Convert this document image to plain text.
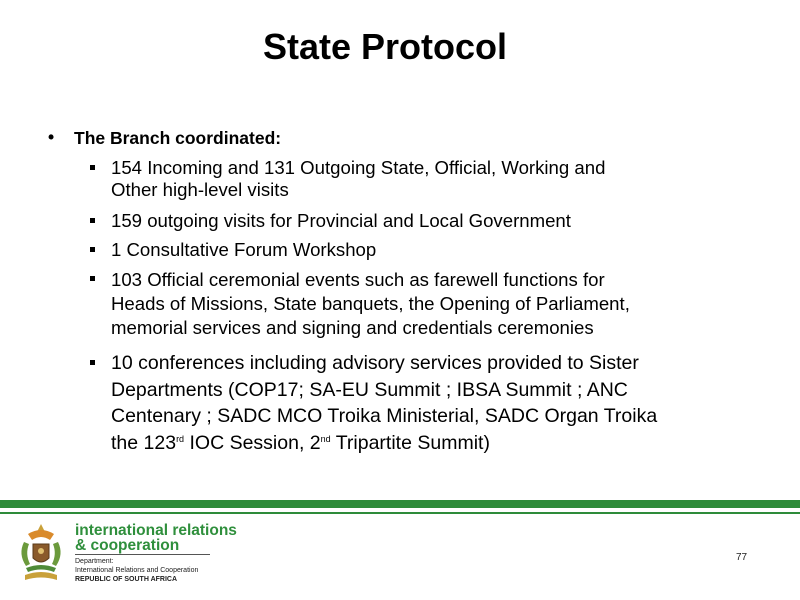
State Protocol

• The Branch coordinated:

154 Incoming and 131 Outgoing State, Official, Working and
Other high-level visits
159 outgoing visits for Provincial and Local Government
1 Consultative Forum Workshop
103 Official ceremonial events such as farewell functions for
Heads of Missions, State banquets, the Opening of Parliament,
memorial services and signing and credentials ceremonies
10 conferences including advisory services provided to Sister
Departments (COP17; SA-EU Summit ; IBSA Summit ; ANC
Centenary ; SADC MCO Troika Ministerial, SADC Organ Troika
the 123rd IOC Session, 2nd Tripartite Summit)
international relations
& cooperation
Department:
International Relations and Cooperation
REPUBLIC OF SOUTH AFRICA
77
